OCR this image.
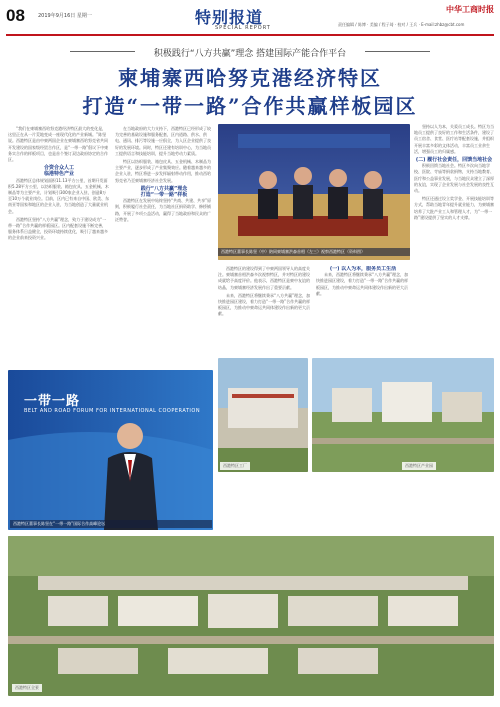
08	2019年9月16日 星期一	特别报道
SPECIAL REPORT
中华工商时报
责任编辑 / 陈博 · 美编 / 程子琦 · 校对 / 王兵 · E-mail:zhbz@cbt.com
积极践行“八方共赢”理念 搭建国际产能合作平台
柬埔寨西哈努克港经济特区
打造“一带一路”合作共赢样板园区

“我们在柬埔寨西哈努克港经济特区最大的变化是，这里正在从一片荒地变成一座现代化的产业新城。”陈坚说。西港特区是由中柬两国企业在柬埔寨西哈努克省共同开发建设的国家级经贸合作区，是“一带一路”倡议下中柬务实合作的样板项目，也是首个签订双边政府协定的合作区。

合资合众人工
临港特色产业

西港特区总体规划面积11.13平方公里，首期开发面积5.28平方公里，以纺织服装、箱包皮具、五金机械、木制品等为主要产业，计划吸引300家企业入驻，创造8万至10万个就业岗位。目前，区内已有来自中国、欧美、东南亚等国家和地区的企业入驻，为当地创造了大量就业机会。

西港特区坚持“八方共赢”理念，致力于建设成为“一带一路”合作共赢的样板园区。区内配套设施不断完善，服务体系日益健全，投资环境持续优化，吸引了越来越多的企业前来投资兴业。

在当地政府的大力支持下，西港特区已经形成了较为完善的基础设施和服务配套，区内道路、供水、供电、通讯、排污等设施一应俱全，为入区企业提供了良好的发展环境。同时，特区还建有培训中心，为当地员工提供语言和技能培训，提升当地劳动力素质。

特区以纺织服装、箱包皮具、五金机械、木制品为主要产业，逐步形成了产业集聚效应。随着越来越多的企业入驻，特区将进一步发挥辐射带动作用，推动西哈努克省乃至柬埔寨经济社会发展。

践行“八方共赢”理念
打造“一带一路”样板

西港特区在发展中始终坚持“共商、共建、共享”原则，积极履行社会责任，为当地社区捐资助学、修桥铺路，开展了多项公益活动，赢得了当地政府和民众的广泛赞誉。

西港特区董事长陈坚（中）陪同柬埔寨洪森首相（左三）视察西港特区（资料图）

西港特区的建设得到了中柬两国领导人的高度关注。柬埔寨首相洪森多次视察特区，并对特区的建设成就给予高度评价。他表示，西港特区是柬中友谊的结晶，为柬埔寨经济发展作出了重要贡献。

未来，西港特区将继续秉承“八方共赢”理念，加快推进园区建设，着力打造“一带一路”合作共赢的样板园区，为推动中柬命运共同体建设作出新的更大贡献。

(一) 以人为本，服务员工生活

未来，西港特区将继续秉承“八方共赢”理念，加快推进园区建设，着力打造“一带一路”合作共赢的样板园区，为推动中柬命运共同体建设作出新的更大贡献。

坚持以人为本，关爱员工成长。特区为当地员工提供了良好的工作和生活条件，建设了员工宿舍、食堂、医疗站等配套设施，并组织开展丰富多彩的文体活动，丰富员工业余生活，增强员工的归属感。

(二) 履行社会责任，回馈当地社会

积极回馈当地社会。特区多次向当地学校、医院、寺庙等捐款捐物，支持当地教育、医疗和公益事业发展，与当地民众建立了深厚的友谊，实现了企业发展与社会发展的良性互动。

特区还通过设立奖学金、开展技能培训等方式，帮助当地青年提升就业能力，为柬埔寨培养了大批产业工人和管理人才，为“一带一路”建设提供了坚实的人才支撑。

一带一路
BELT AND ROAD FORUM FOR INTERNATIONAL COOPERATION
西港特区董事长陈坚在“一带一路”国际合作高峰论坛
西港特区工厂	西港特区产业园
西港特区全景
